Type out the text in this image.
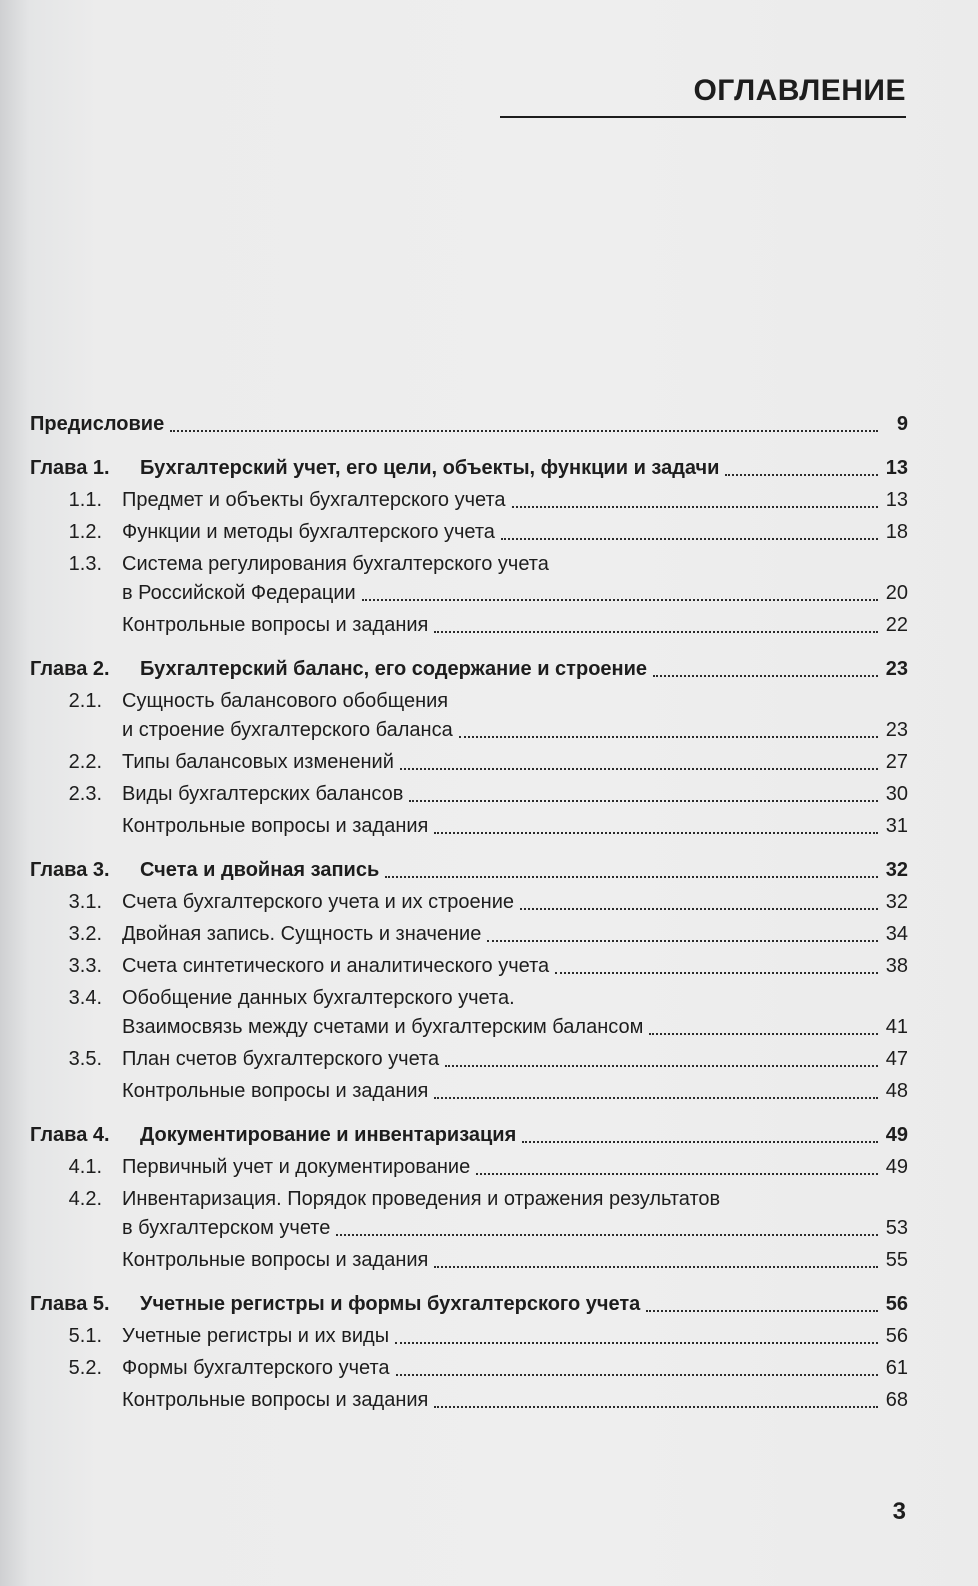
ОГЛАВЛЕНИЕ
Предисловие	9
Глава 1.	Бухгалтерский учет, его цели, объекты, функции и задачи	13
1.1. Предмет и объекты бухгалтерского учета	13
1.2. Функции и методы бухгалтерского учета	18
1.3. Система регулирования бухгалтерского учета
в Российской Федерации	20
Контрольные вопросы и задания	22
Глава 2.	Бухгалтерский баланс, его содержание и строение	23
2.1. Сущность балансового обобщения
и строение бухгалтерского баланса	23
2.2. Типы балансовых изменений	27
2.3. Виды бухгалтерских балансов	30
Контрольные вопросы и задания	31
Глава 3.	Счета и двойная запись	32
3.1. Счета бухгалтерского учета и их строение	32
3.2. Двойная запись. Сущность и значение	34
3.3. Счета синтетического и аналитического учета	38
3.4. Обобщение данных бухгалтерского учета.
Взаимосвязь между счетами и бухгалтерским балансом	41
3.5. План счетов бухгалтерского учета	47
Контрольные вопросы и задания	48
Глава 4.	Документирование и инвентаризация	49
4.1. Первичный учет и документирование	49
4.2. Инвентаризация. Порядок проведения и отражения результатов
в бухгалтерском учете	53
Контрольные вопросы и задания	55
Глава 5.	Учетные регистры и формы бухгалтерского учета	56
5.1. Учетные регистры и их виды	56
5.2. Формы бухгалтерского учета	61
Контрольные вопросы и задания	68
3
